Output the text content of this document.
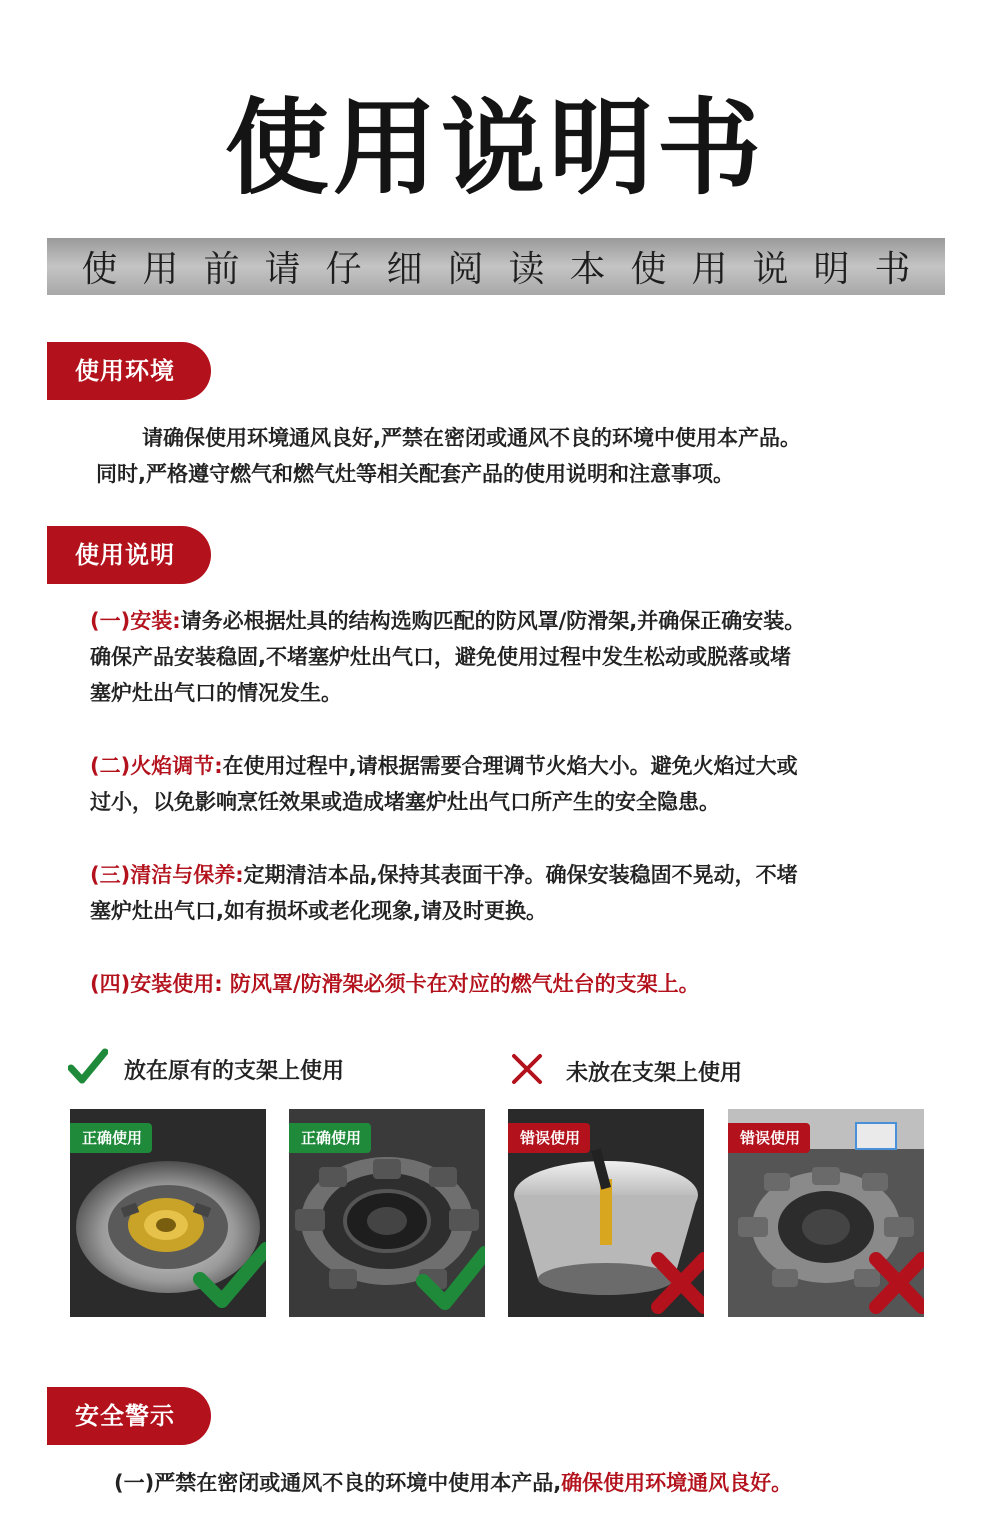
使用说明书
使用前请仔细阅读本使用说明书
使用环境
请确保使用环境通风良好,严禁在密闭或通风不良的环境中使用本产品。
同时,严格遵守燃气和燃气灶等相关配套产品的使用说明和注意事项。
使用说明
(一)安装:请务必根据灶具的结构选购匹配的防风罩/防滑架,并确保正确安装。
确保产品安装稳固,不堵塞炉灶出气口，避免使用过程中发生松动或脱落或堵
塞炉灶出气口的情况发生。
(二)火焰调节:在使用过程中,请根据需要合理调节火焰大小。避免火焰过大或
过小，以免影响烹饪效果或造成堵塞炉灶出气口所产生的安全隐患。
(三)清洁与保养:定期清洁本品,保持其表面干净。确保安装稳固不晃动，不堵
塞炉灶出气口,如有损坏或老化现象,请及时更换。
(四)安装使用: 防风罩/防滑架必须卡在对应的燃气灶台的支架上。
放在原有的支架上使用	未放在支架上使用
正确使用	正确使用	错误使用	错误使用
安全警示
(一)严禁在密闭或通风不良的环境中使用本产品,确保使用环境通风良好。
